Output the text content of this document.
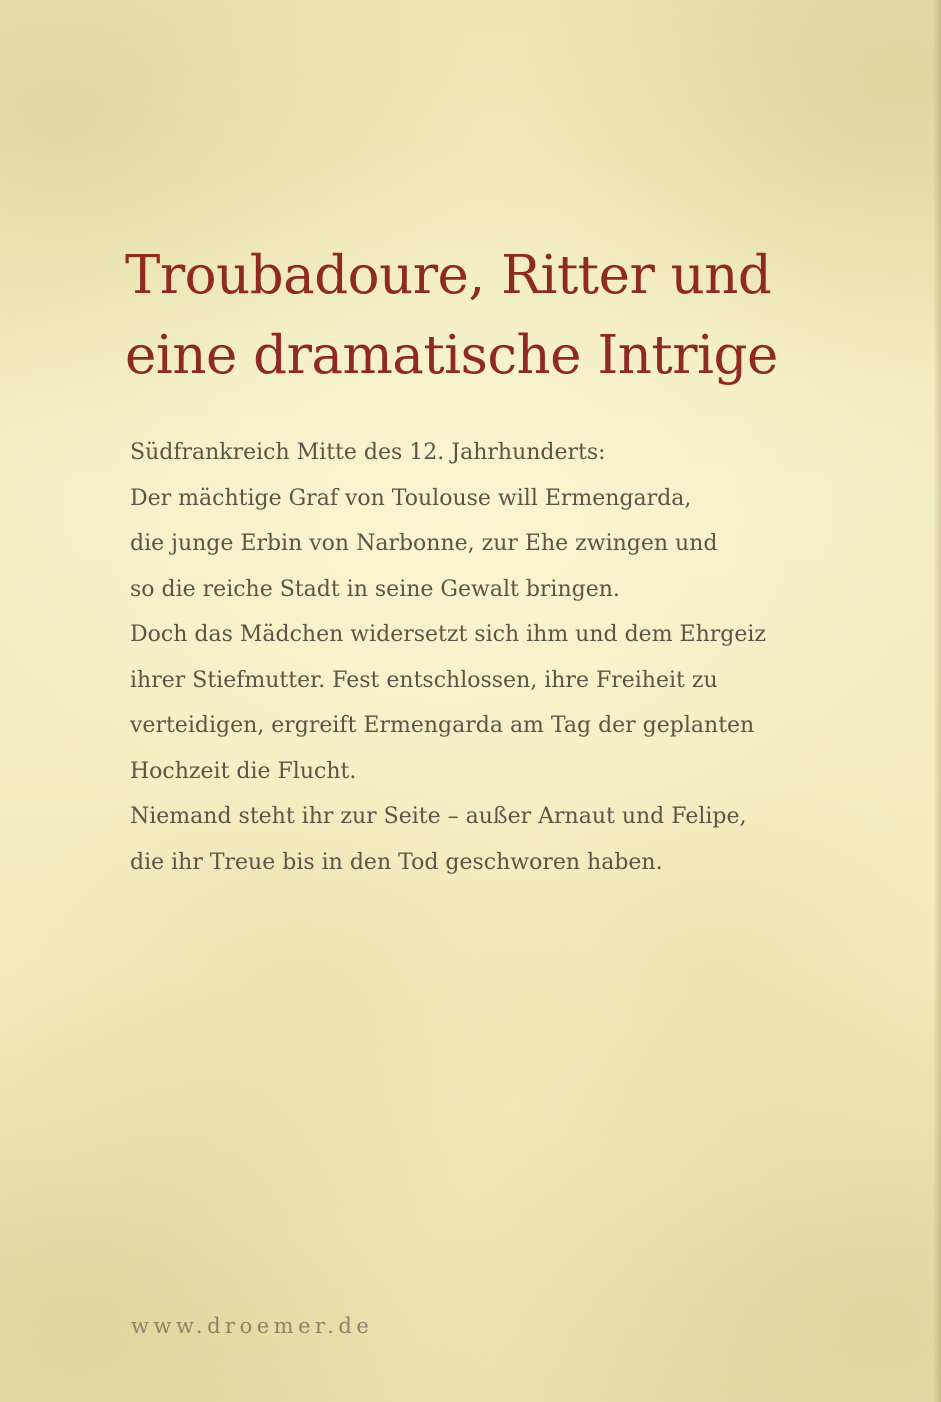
Troubadoure, Ritter und
eine dramatische Intrige
Südfrankreich Mitte des 12. Jahrhunderts:
Der mächtige Graf von Toulouse will Ermengarda,
die junge Erbin von Narbonne, zur Ehe zwingen und
so die reiche Stadt in seine Gewalt bringen.
Doch das Mädchen widersetzt sich ihm und dem Ehrgeiz
ihrer Stiefmutter. Fest entschlossen, ihre Freiheit zu
verteidigen, ergreift Ermengarda am Tag der geplanten
Hochzeit die Flucht.
Niemand steht ihr zur Seite – außer Arnaut und Felipe,
die ihr Treue bis in den Tod geschworen haben.

www.droemer.de
